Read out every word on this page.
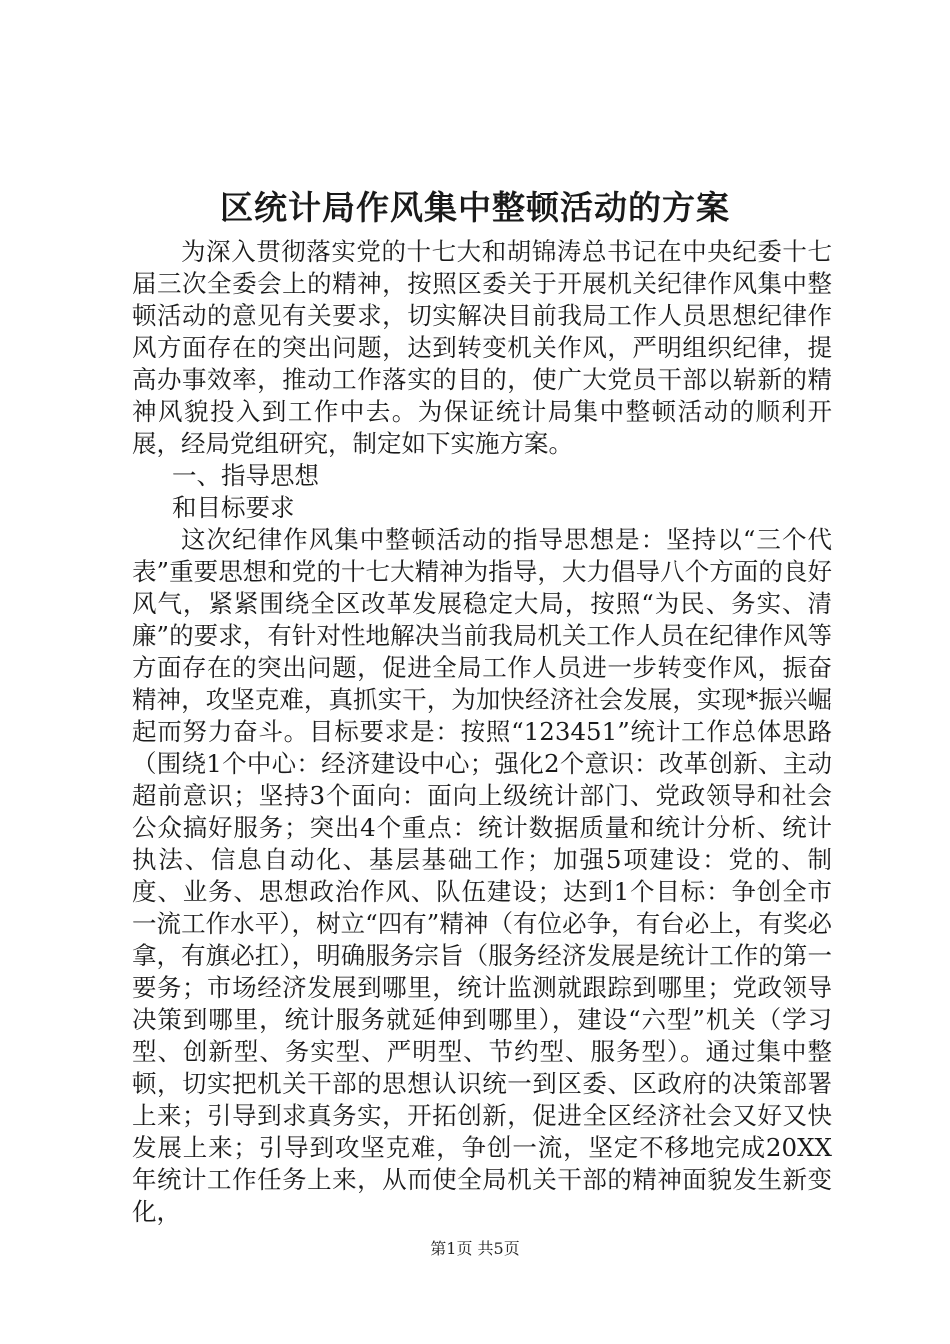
区统计局作风集中整顿活动的方案

为深入贯彻落实党的十七大和胡锦涛总书记在中央纪委十七届三次全委会上的精神，按照区委关于开展机关纪律作风集中整顿活动的意见有关要求，切实解决目前我局工作人员思想纪律作风方面存在的突出问题，达到转变机关作风，严明组织纪律，提高办事效率，推动工作落实的目的，使广大党员干部以崭新的精神风貌投入到工作中去。为保证统计局集中整顿活动的顺利开展，经局党组研究，制定如下实施方案。

一、指导思想

和目标要求

这次纪律作风集中整顿活动的指导思想是：坚持以“三个代表”重要思想和党的十七大精神为指导，大力倡导八个方面的良好风气，紧紧围绕全区改革发展稳定大局，按照“为民、务实、清廉”的要求，有针对性地解决当前我局机关工作人员在纪律作风等方面存在的突出问题，促进全局工作人员进一步转变作风，振奋精神，攻坚克难，真抓实干，为加快经济社会发展，实现*振兴崛起而努力奋斗。目标要求是：按照“123451”统计工作总体思路（围绕1个中心：经济建设中心；强化2个意识：改革创新、主动超前意识；坚持3个面向：面向上级统计部门、党政领导和社会公众搞好服务；突出4个重点：统计数据质量和统计分析、统计执法、信息自动化、基层基础工作；加强5项建设：党的、制度、业务、思想政治作风、队伍建设；达到1个目标：争创全市一流工作水平），树立“四有”精神（有位必争，有台必上，有奖必拿，有旗必扛），明确服务宗旨（服务经济发展是统计工作的第一要务；市场经济发展到哪里，统计监测就跟踪到哪里；党政领导决策到哪里，统计服务就延伸到哪里），建设“六型”机关（学习型、创新型、务实型、严明型、节约型、服务型）。通过集中整顿，切实把机关干部的思想认识统一到区委、区政府的决策部署上来；引导到求真务实，开拓创新，促进全区经济社会又好又快发展上来；引导到攻坚克难，争创一流，坚定不移地完成20XX年统计工作任务上来，从而使全局机关干部的精神面貌发生新变化，

第1页 共5页
